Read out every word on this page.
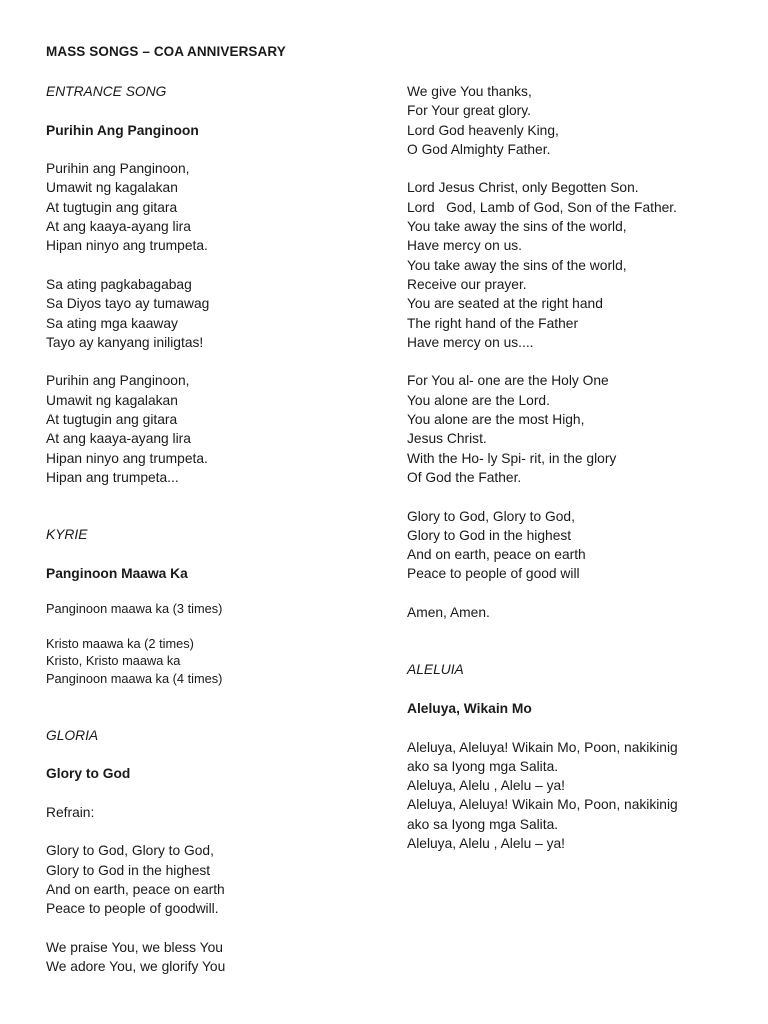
MASS SONGS – COA ANNIVERSARY
ENTRANCE SONG
Purihin Ang Panginoon
Purihin ang Panginoon,
Umawit ng kagalakan
At tugtugin ang gitara
At ang kaaya-ayang lira
Hipan ninyo ang trumpeta.
Sa ating pagkabagabag
Sa Diyos tayo ay tumawag
Sa ating mga kaaway
Tayo ay kanyang iniligtas!
Purihin ang Panginoon,
Umawit ng kagalakan
At tugtugin ang gitara
At ang kaaya-ayang lira
Hipan ninyo ang trumpeta.
Hipan ang trumpeta...
KYRIE
Panginoon Maawa Ka
Panginoon maawa ka (3 times)
Kristo maawa ka (2 times)
Kristo, Kristo maawa ka
Panginoon maawa ka (4 times)
GLORIA
Glory to God
Refrain:
Glory to God, Glory to God,
Glory to God in the highest
And on earth, peace on earth
Peace to people of goodwill.
We praise You, we bless You
We adore You, we glorify You
We give You thanks,
For Your great glory.
Lord God heavenly King,
O God Almighty Father.
Lord Jesus Christ, only Begotten Son.
Lord   God, Lamb of God, Son of the Father.
You take away the sins of the world,
Have mercy on us.
You take away the sins of the world,
Receive our prayer.
You are seated at the right hand
The right hand of the Father
Have mercy on us....
For You al- one are the Holy One
You alone are the Lord.
You alone are the most High,
Jesus Christ.
With the Ho- ly Spi- rit, in the glory
Of God the Father.
Glory to God, Glory to God,
Glory to God in the highest
And on earth, peace on earth
Peace to people of good will
Amen, Amen.
ALELUIA
Aleluya, Wikain Mo
Aleluya, Aleluya! Wikain Mo, Poon, nakikinig
ako sa Iyong mga Salita.
Aleluya, Alelu , Alelu – ya!
Aleluya, Aleluya! Wikain Mo, Poon, nakikinig
ako sa Iyong mga Salita.
Aleluya, Alelu , Alelu – ya!
